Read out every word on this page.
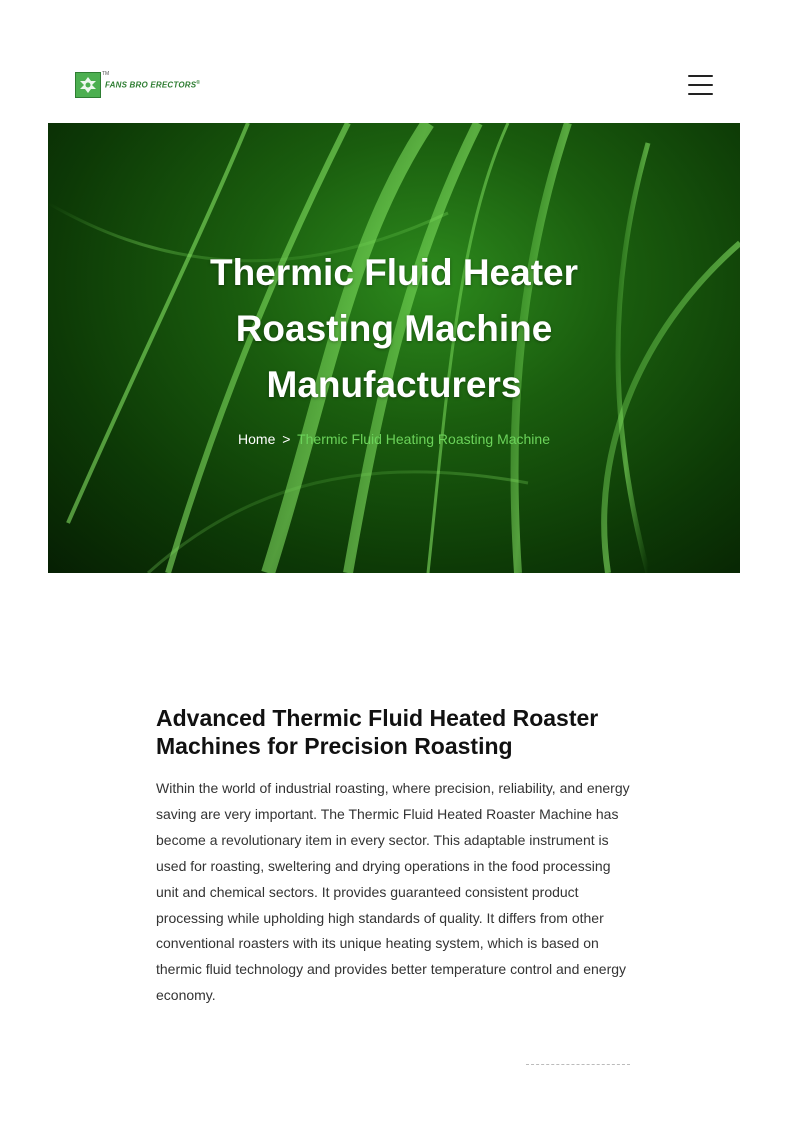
TM
FANS BRO ERECTORS®
Thermic Fluid Heater Roasting Machine Manufacturers
Home > Thermic Fluid Heating Roasting Machine
Advanced Thermic Fluid Heated Roaster Machines for Precision Roasting

Within the world of industrial roasting, where precision, reliability, and energy saving are very important. The Thermic Fluid Heated Roaster Machine has become a revolutionary item in every sector. This adaptable instrument is used for roasting, sweltering and drying operations in the food processing unit and chemical sectors. It provides guaranteed consistent product processing while upholding high standards of quality. It differs from other conventional roasters with its unique heating system, which is based on thermic fluid technology and provides better temperature control and energy economy.
